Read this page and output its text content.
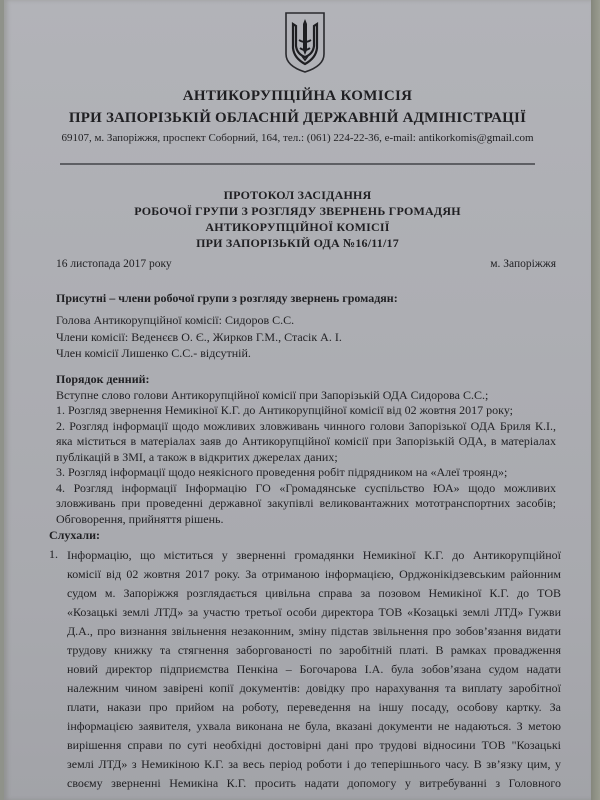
АНТИКОРУПЦІЙНА КОМІСІЯ
ПРИ ЗАПОРІЗЬКІЙ ОБЛАСНІЙ ДЕРЖАВНІЙ АДМІНІСТРАЦІЇ
69107, м. Запоріжжя, проспект Соборний, 164, тел.: (061) 224-22-36, e-mail: antikorkomis@gmail.com
ПРОТОКОЛ ЗАСІДАННЯ
РОБОЧОЇ ГРУПИ З РОЗГЛЯДУ ЗВЕРНЕНЬ ГРОМАДЯН
АНТИКОРУПЦІЙНОЇ КОМІСІЇ
ПРИ ЗАПОРІЗЬКІЙ ОДА №16/11/17
16 листопада 2017 року	м. Запоріжжя
Присутні – члени робочої групи з розгляду звернень громадян:
Голова Антикорупційної комісії: Сидоров С.С.
Члени комісії: Веденєєв О. Є., Жирков Г.М., Стасік А. І.
Член комісії Лишенко С.С.- відсутній.
Порядок денний:
Вступне слово голови Антикорупційної комісії при Запорізькій ОДА Сидорова С.С.;
1. Розгляд звернення Немикіної К.Г. до Антикорупційної комісії від 02 жовтня 2017 року;
2. Розгляд інформації щодо можливих зловживань чинного голови Запорізької ОДА Бриля К.І.,
яка міститься в матеріалах заяв до Антикорупційної комісії при Запорізькій ОДА, в матеріалах
публікацій в ЗМІ, а також в відкритих джерелах даних;
3. Розгляд інформації щодо неякісного проведення робіт підрядником на «Алеї троянд»;
4. Розгляд інформації Інформацію ГО «Громадянське суспільство ЮА» щодо можливих
зловживань при проведенні державної закупівлі великовантажних мототранспортних засобів;
Обговорення, прийняття рішень.
Слухали:
1. Інформацію, що міститься у зверненні громадянки Немикіної К.Г. до Антикорупційної
комісії від 02 жовтня 2017 року. За отриманою інформацією, Орджонікідзевським районним
судом м. Запоріжжя розглядається цивільна справа за позовом Немикіної К.Г. до ТОВ
«Козацькі землі ЛТД» за участю третьої особи директора ТОВ «Козацькі землі ЛТД» Гужви
Д.А., про визнання звільнення незаконним, зміну підстав звільнення про зобов’язання видати
трудову книжку та стягнення заборгованості по заробітній платі. В рамках провадження
новий директор підприємства Пенкіна – Богочарова І.А. була зобов’язана судом надати
належним чином завірені копії документів: довідку про нарахування та виплату заробітної
плати, накази про прийом на роботу, переведення на іншу посаду, особову картку. За
інформацією заявителя, ухвала виконана не була, вказані документи не надаються. З метою
вирішення справи по суті необхідні достовірні дані про трудові відносини ТОВ "Козацькі
землі ЛТД» з Немикіною К.Г. за весь період роботи і до теперішнього часу. В зв’язку цим, у
своєму зверненні Немикіна К.Г. просить надати допомогу у витребуванні з Головного
